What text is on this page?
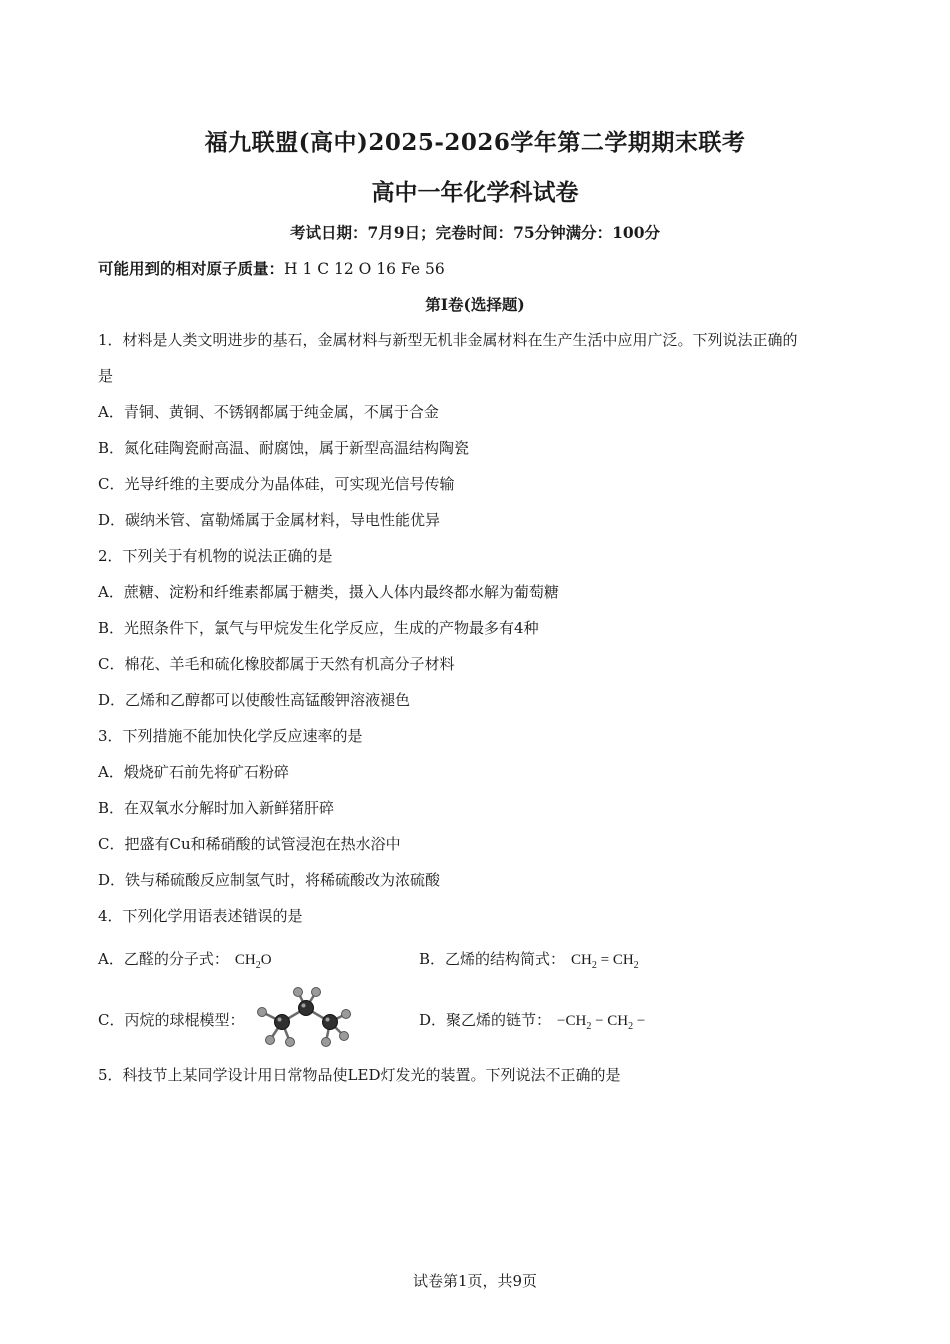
福九联盟(高中)2025-2026学年第二学期期末联考
高中一年化学科试卷
考试日期：7月9日；完卷时间：75分钟满分：100分
可能用到的相对原子质量：H 1 C 12 O 16 Fe 56
第Ⅰ卷(选择题)
1．材料是人类文明进步的基石，金属材料与新型无机非金属材料在生产生活中应用广泛。下列说法正确的
是
A．青铜、黄铜、不锈钢都属于纯金属，不属于合金
B．氮化硅陶瓷耐高温、耐腐蚀，属于新型高温结构陶瓷
C．光导纤维的主要成分为晶体硅，可实现光信号传输
D．碳纳米管、富勒烯属于金属材料，导电性能优异
2．下列关于有机物的说法正确的是
A．蔗糖、淀粉和纤维素都属于糖类，摄入人体内最终都水解为葡萄糖
B．光照条件下，氯气与甲烷发生化学反应，生成的产物最多有4种
C．棉花、羊毛和硫化橡胶都属于天然有机高分子材料
D．乙烯和乙醇都可以使酸性高锰酸钾溶液褪色
3．下列措施不能加快化学反应速率的是
A．煅烧矿石前先将矿石粉碎
B．在双氧水分解时加入新鲜猪肝碎
C．把盛有Cu和稀硝酸的试管浸泡在热水浴中
D．铁与稀硫酸反应制氢气时，将稀硫酸改为浓硫酸
4．下列化学用语表述错误的是
A．乙醛的分子式： $CH_2O$	B．乙烯的结构简式： $CH_2 = CH_2$
C．丙烷的球棍模型：	D．聚乙烯的链节： $-CH_2 - CH_2$ −
5．科技节上某同学设计用日常物品使LED灯发光的装置。下列说法不正确的是
试卷第1页，共9页
